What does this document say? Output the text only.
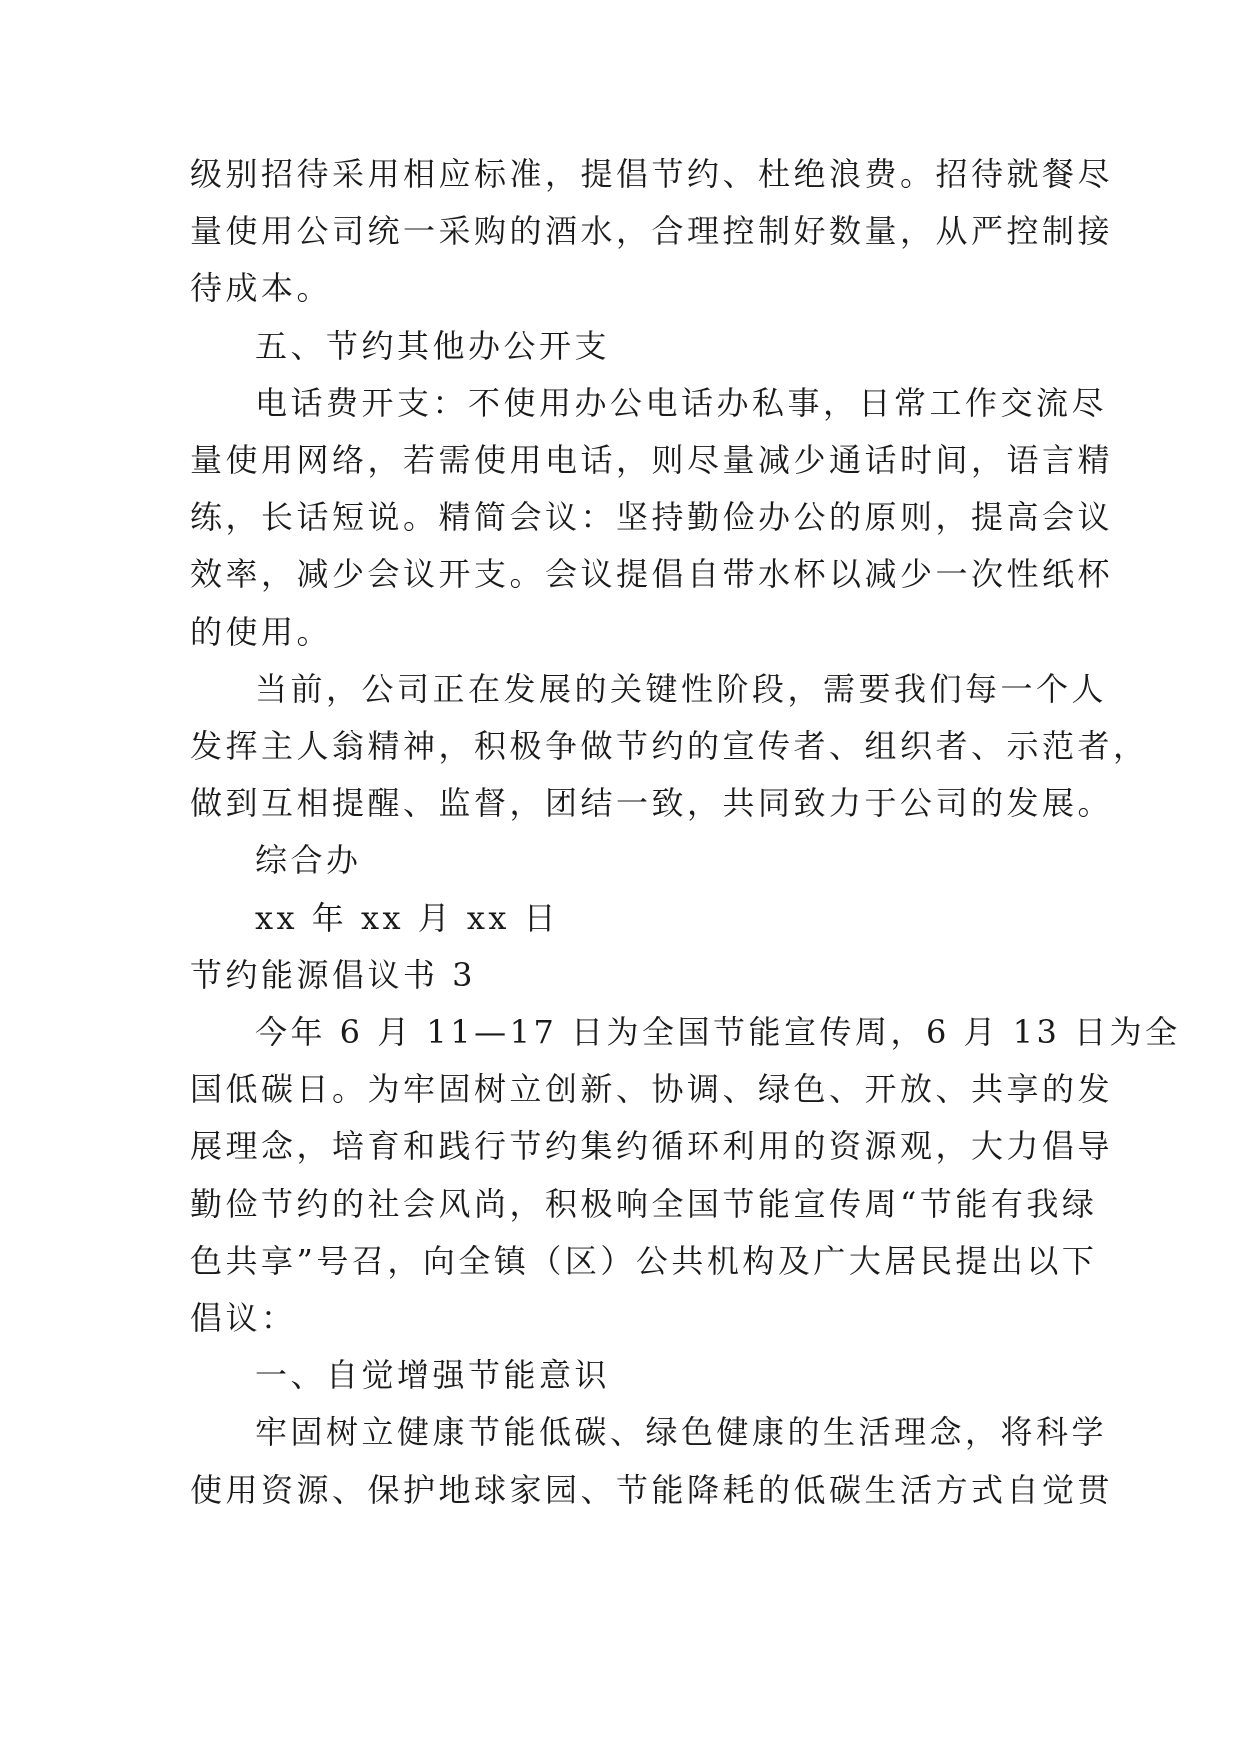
级别招待采用相应标准，提倡节约、杜绝浪费。招待就餐尽
量使用公司统一采购的酒水，合理控制好数量，从严控制接
待成本。
五、节约其他办公开支
电话费开支：不使用办公电话办私事，日常工作交流尽
量使用网络，若需使用电话，则尽量减少通话时间，语言精
练，长话短说。精简会议：坚持勤俭办公的原则，提高会议
效率，减少会议开支。会议提倡自带水杯以减少一次性纸杯
的使用。
当前，公司正在发展的关键性阶段，需要我们每一个人
发挥主人翁精神，积极争做节约的宣传者、组织者、示范者，
做到互相提醒、监督，团结一致，共同致力于公司的发展。
综合办
xx 年 xx 月 xx 日
节约能源倡议书 3
今年 6 月 11—17 日为全国节能宣传周，6 月 13 日为全
国低碳日。为牢固树立创新、协调、绿色、开放、共享的发
展理念，培育和践行节约集约循环利用的资源观，大力倡导
勤俭节约的社会风尚，积极响全国节能宣传周“节能有我绿
色共享”号召，向全镇（区）公共机构及广大居民提出以下
倡议：
一、自觉增强节能意识
牢固树立健康节能低碳、绿色健康的生活理念，将科学
使用资源、保护地球家园、节能降耗的低碳生活方式自觉贯
